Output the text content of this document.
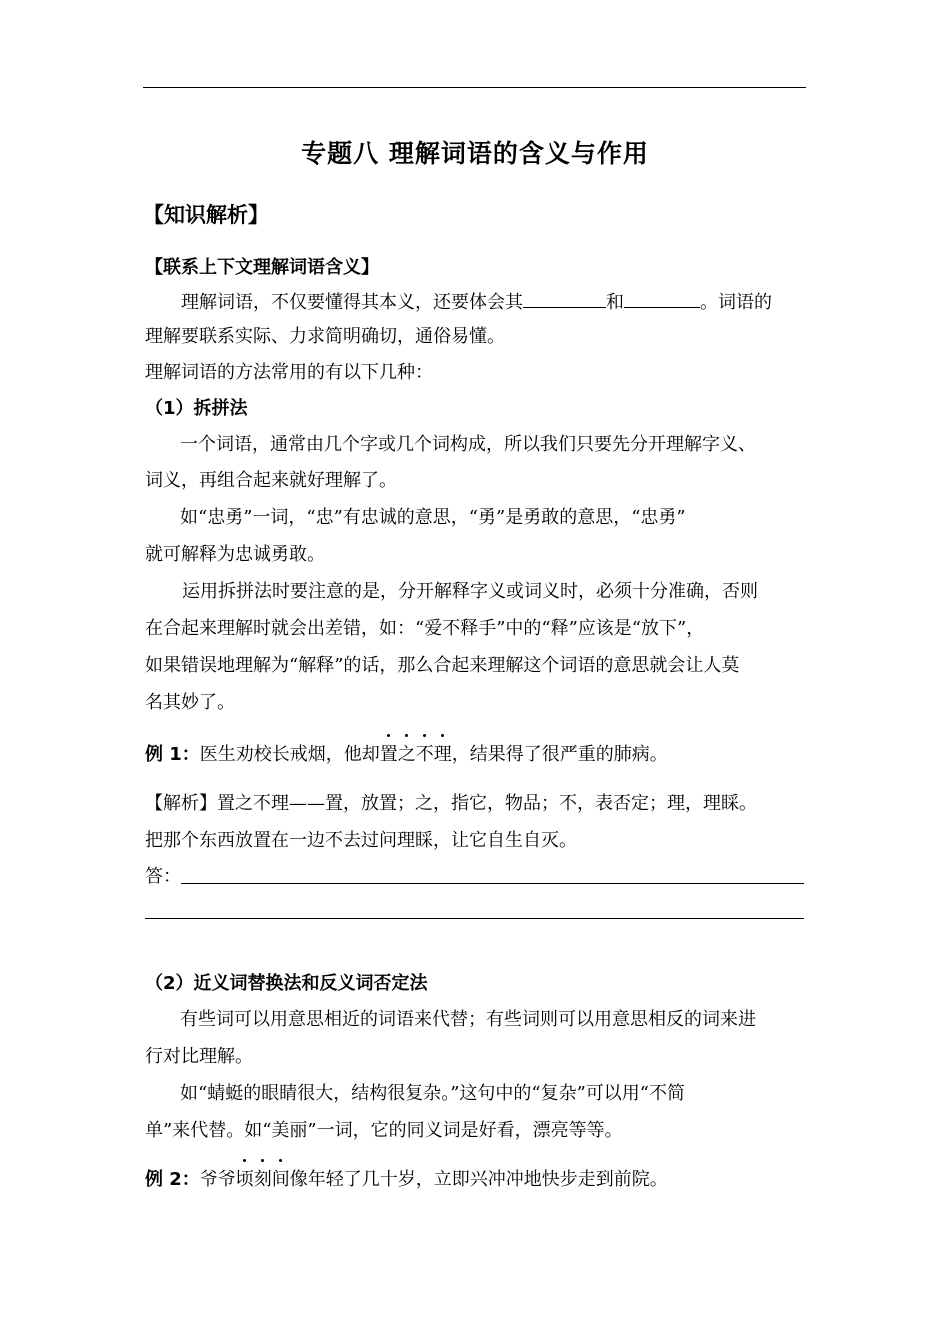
专题八 理解词语的含义与作用
【知识解析】
【联系上下文理解词语含义】
理解词语，不仅要懂得其本义，还要体会其	和	。词语的
理解要联系实际、力求简明确切，通俗易懂。
理解词语的方法常用的有以下几种：
（1）拆拼法
一个词语，通常由几个字或几个词构成，所以我们只要先分开理解字义、
词义，再组合起来就好理解了。
如“忠勇”一词，“忠”有忠诚的意思，“勇”是勇敢的意思，“忠勇”
就可解释为忠诚勇敢。
运用拆拼法时要注意的是，分开解释字义或词义时，必须十分准确，否则
在合起来理解时就会出差错，如：“爱不释手”中的“释”应该是“放下”，
如果错误地理解为“解释”的话，那么合起来理解这个词语的意思就会让人莫
名其妙了。
例 1：医生劝校长戒烟，他却置之不理，结果得了很严重的肺病。
【解析】置之不理——置，放置；之，指它，物品；不，表否定；理，理睬。
把那个东西放置在一边不去过问理睬，让它自生自灭。
答：
（2）近义词替换法和反义词否定法
有些词可以用意思相近的词语来代替；有些词则可以用意思相反的词来进
行对比理解。
如“蜻蜓的眼睛很大，结构很复杂。”这句中的“复杂”可以用“不简
单”来代替。如“美丽”一词，它的同义词是好看，漂亮等等。
例 2：爷爷顷刻间像年轻了几十岁，立即兴冲冲地快步走到前院。
